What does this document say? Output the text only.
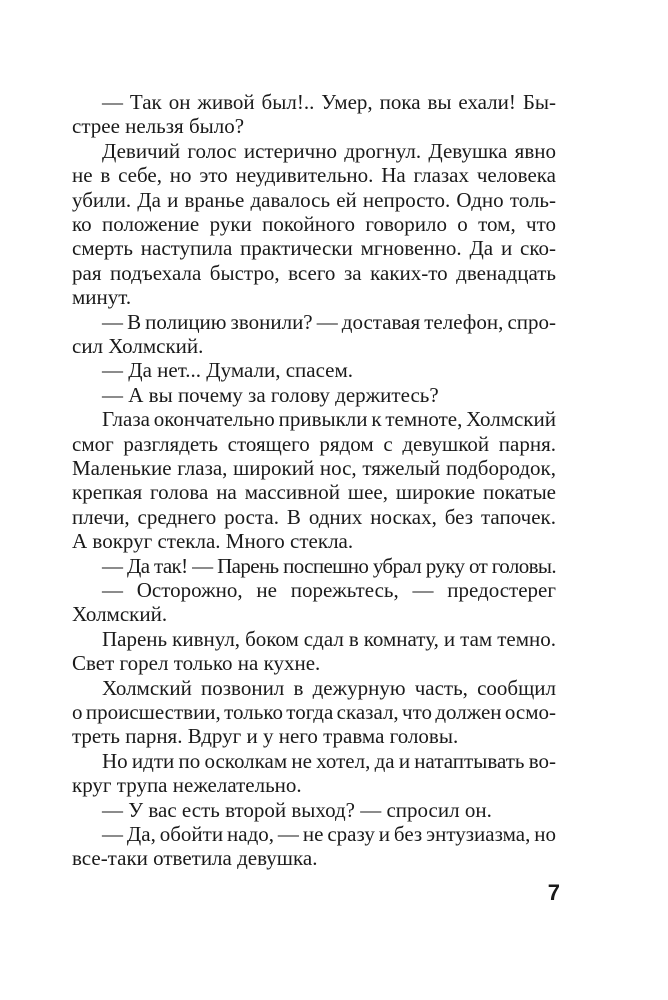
— Так он живой был!.. Умер, пока вы ехали! Бы-
стрее нельзя было?
Девичий голос истерично дрогнул. Девушка явно
не в себе, но это неудивительно. На глазах человека
убили. Да и вранье давалось ей непросто. Одно толь-
ко положение руки покойного говорило о том, что
смерть наступила практически мгновенно. Да и ско-
рая подъехала быстро, всего за каких-то двенадцать
минут.
— В полицию звонили? — доставая телефон, спро-
сил Холмский.
— Да нет... Думали, спасем.
— А вы почему за голову держитесь?
Глаза окончательно привыкли к темноте, Холмский
смог разглядеть стоящего рядом с девушкой парня.
Маленькие глаза, широкий нос, тяжелый подбородок,
крепкая голова на массивной шее, широкие покатые
плечи, среднего роста. В одних носках, без тапочек.
А вокруг стекла. Много стекла.
— Да так! — Парень поспешно убрал руку от головы.
— Осторожно, не порежьтесь, — предостерег
Холмский.
Парень кивнул, боком сдал в комнату, и там темно.
Свет горел только на кухне.
Холмский позвонил в дежурную часть, сообщил
о происшествии, только тогда сказал, что должен осмо-
треть парня. Вдруг и у него травма головы.
Но идти по осколкам не хотел, да и натаптывать во-
круг трупа нежелательно.
— У вас есть второй выход? — спросил он.
— Да, обойти надо, — не сразу и без энтузиазма, но
все-таки ответила девушка.
7
